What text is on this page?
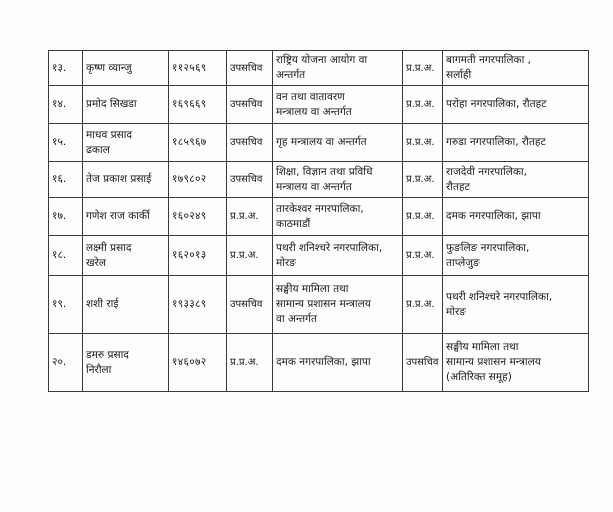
१३.	कृष्ण व्यान्जु	११२५६९	उपसचिव	राष्ट्रिय योजना आयोग वा
अन्तर्गत	प्र.प्र.अ.	बागमती नगरपालिका ,
सर्लाही

१४.	प्रमोद सिखडा	१६९६६९	उपसचिव	वन तथा वातावरण
मन्त्रालय वा अन्तर्गत	प्र.प्र.अ.	परोहा नगरपालिका, रौतहट

१५.	माधव प्रसाद
ढकाल	१८५९६७	उपसचिव	गृह मन्त्रालय वा अन्तर्गत	प्र.प्र.अ.	गरुडा नगरपालिका, रौतहट

१६.	तेज प्रकाश प्रसाई	१७९८०२	उपसचिव	शिक्षा, विज्ञान तथा प्रविधि
मन्त्रालय वा अन्तर्गत	प्र.प्र.अ.	राजदेवी नगरपालिका,
रौतहट

१७.	गणेश राज कार्की	१६०२४९	प्र.प्र.अ.	तारकेश्वर नगरपालिका,
काठमाडौं	प्र.प्र.अ.	दमक नगरपालिका, झापा

१८.	लक्ष्मी प्रसाद
खरेल	१६२०१३	प्र.प्र.अ.	पथरी शनिश्चरे नगरपालिका,
मोरङ	प्र.प्र.अ.	फुङलिङ नगरपालिका,
ताप्लेजुङ

१९.	शशी राई	१९३३८९	उपसचिव	सङ्घीय मामिला तथा
सामान्य प्रशासन मन्त्रालय
वा अन्तर्गत	प्र.प्र.अ.	पथरी शनिश्चरे नगरपालिका,
मोरङ

२०.	डमरु प्रसाद
निरौला	१४६०७२	प्र.प्र.अ.	दमक नगरपालिका, झापा	उपसचिव	सङ्घीय मामिला तथा
सामान्य प्रशासन मन्त्रालय
(अतिरिक्त समूह)
